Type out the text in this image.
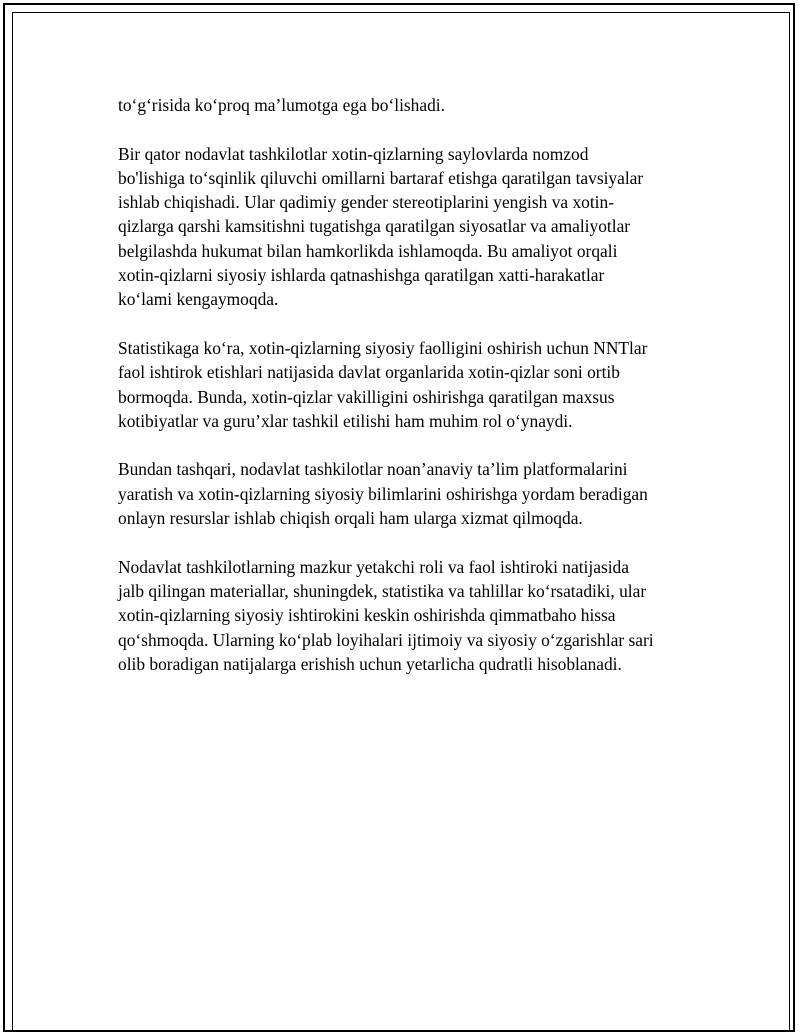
to‘g‘risida ko‘proq ma’lumotga ega bo‘lishadi.

Bir qator nodavlat tashkilotlar xotin-qizlarning saylovlarda nomzod
bo'lishiga to‘sqinlik qiluvchi omillarni bartaraf etishga qaratilgan tavsiyalar
ishlab chiqishadi. Ular qadimiy gender stereotiplarini yengish va xotin-
qizlarga qarshi kamsitishni tugatishga qaratilgan siyosatlar va amaliyotlar
belgilashda hukumat bilan hamkorlikda ishlamoqda. Bu amaliyot orqali
xotin-qizlarni siyosiy ishlarda qatnashishga qaratilgan xatti-harakatlar
ko‘lami kengaymoqda.

Statistikaga ko‘ra, xotin-qizlarning siyosiy faolligini oshirish uchun NNTlar
faol ishtirok etishlari natijasida davlat organlarida xotin-qizlar soni ortib
bormoqda. Bunda, xotin-qizlar vakilligini oshirishga qaratilgan maxsus
kotibiyatlar va guru’xlar tashkil etilishi ham muhim rol o‘ynaydi.

Bundan tashqari, nodavlat tashkilotlar noan’anaviy ta’lim platformalarini
yaratish va xotin-qizlarning siyosiy bilimlarini oshirishga yordam beradigan
onlayn resurslar ishlab chiqish orqali ham ularga xizmat qilmoqda.

Nodavlat tashkilotlarning mazkur yetakchi roli va faol ishtiroki natijasida
jalb qilingan materiallar, shuningdek, statistika va tahlillar ko‘rsatadiki, ular
xotin-qizlarning siyosiy ishtirokini keskin oshirishda qimmatbaho hissa
qo‘shmoqda. Ularning ko‘plab loyihalari ijtimoiy va siyosiy o‘zgarishlar sari
olib boradigan natijalarga erishish uchun yetarlicha qudratli hisoblanadi.
